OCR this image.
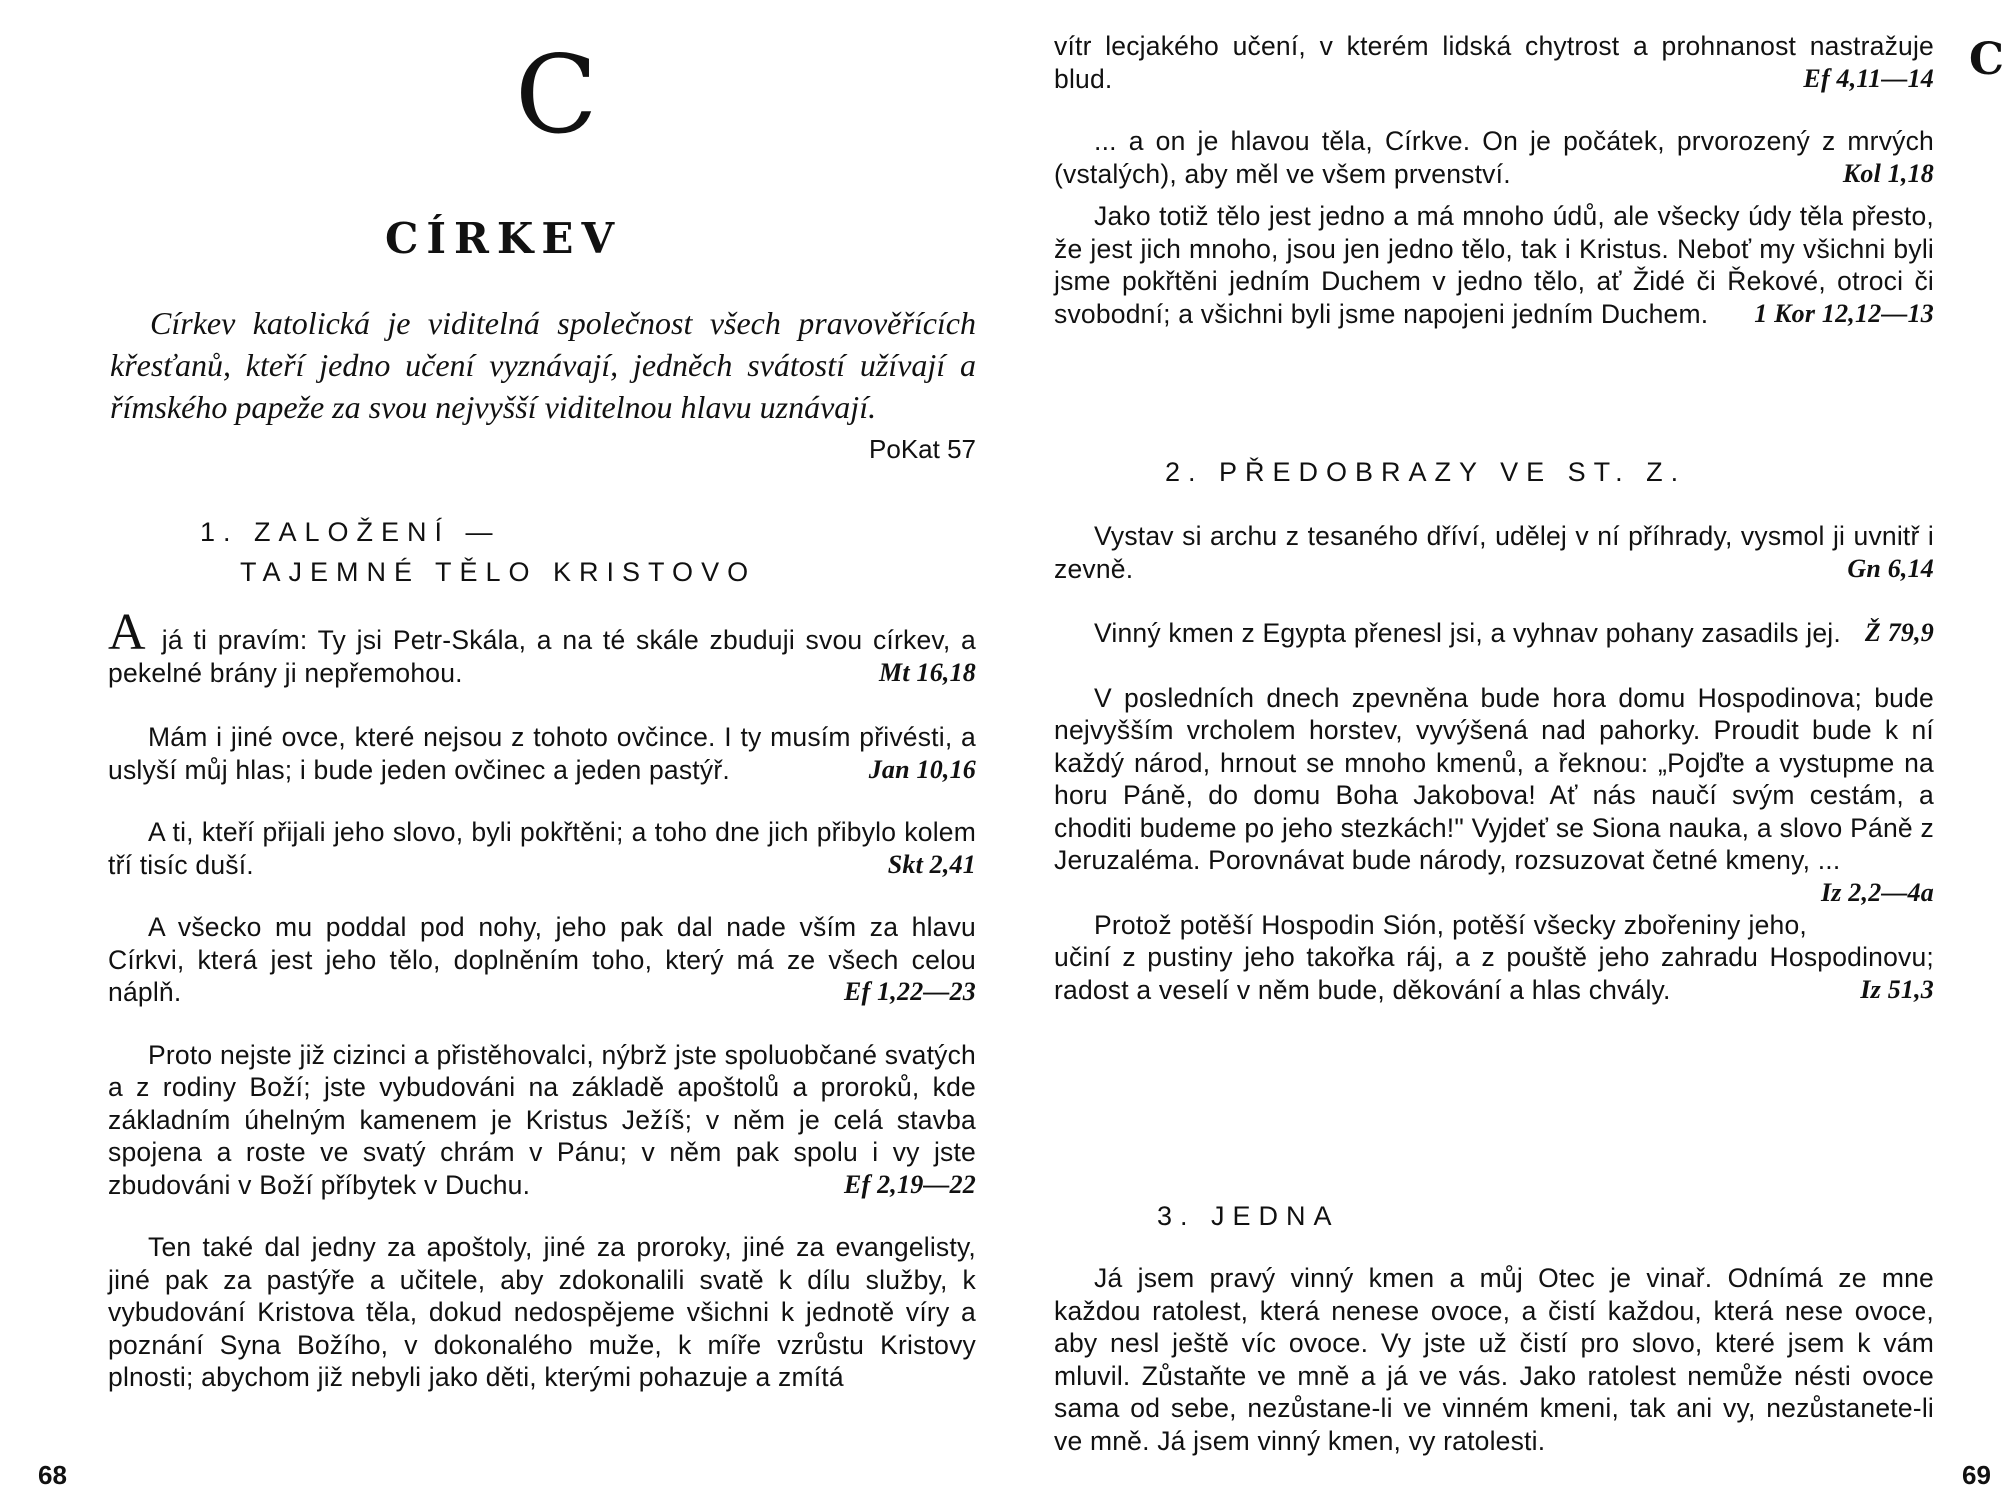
C
CÍRKEV
Církev katolická je viditelná společnost všech pravověřících křesťanů, kteří jedno učení vyznávají, jedněch svátostí užívají a římského papeže za svou nejvyšší viditelnou hlavu uznávají.
PoKat 57
1. ZALOŽENÍ —
TAJEMNÉ TĚLO KRISTOVO

Ajá ti pravím: Ty jsi Petr-Skála, a na té skále zbuduji svou církev, a pekelné brány ji nepřemohou.	Mt 16,18

Mám i jiné ovce, které nejsou z tohoto ovčince. I ty musím přivésti, a uslyší můj hlas; i bude jeden ovčinec a jeden pastýř.	Jan 10,16

A ti, kteří přijali jeho slovo, byli pokřtěni; a toho dne jich přibylo kolem tří tisíc duší.	Skt 2,41

A všecko mu poddal pod nohy, jeho pak dal nade vším za hlavu Církvi, která jest jeho tělo, doplněním toho, který má ze všech celou náplň.	Ef 1,22—23

Proto nejste již cizinci a přistěhovalci, nýbrž jste spoluobčané svatých a z rodiny Boží; jste vybudováni na základě apoštolů a proroků, kde základním úhelným kamenem je Kristus Ježíš; v něm je celá stavba spojena a roste ve svatý chrám v Pánu; v něm pak spolu i vy jste zbudováni v Boží příbytek v Duchu.	Ef 2,19—22

Ten také dal jedny za apoštoly, jiné za proroky, jiné za evangelisty, jiné pak za pastýře a učitele, aby zdokonalili svatě k dílu služby, k vybudování Kristova těla, dokud nedospějeme všichni k jednotě víry a poznání Syna Božího, v dokonalého muže, k míře vzrůstu Kristovy plnosti; abychom již nebyli jako děti, kterými pohazuje a zmítá

68
C

vítr lecjakého učení, v kterém lidská chytrost a prohnanost nastražuje blud.	Ef 4,11—14

... a on je hlavou těla, Církve. On je počátek, prvorozený z mrvých (vstalých), aby měl ve všem prvenství.	Kol 1,18

Jako totiž tělo jest jedno a má mnoho údů, ale všecky údy těla přesto, že jest jich mnoho, jsou jen jedno tělo, tak i Kristus. Neboť my všichni byli jsme pokřtěni jedním Duchem v jedno tělo, ať Židé či Řekové, otroci či svobodní; a všichni byli jsme napojeni jedním Duchem. 1 Kor 12,12—13

2. PŘEDOBRAZY VE ST. Z.

Vystav si archu z tesaného dříví, udělej v ní příhrady, vysmol ji uvnitř i zevně.	Gn 6,14

Vinný kmen z Egypta přenesl jsi, a vyhnav pohany zasadils jej. Ž 79,9

V posledních dnech zpevněna bude hora domu Hospodinova; bude nejvyšším vrcholem horstev, vyvýšená nad pahorky. Proudit bude k ní každý národ, hrnout se mnoho kmenů, a řeknou: „Pojďte a vystupme na horu Páně, do domu Boha Jakobova! Ať nás naučí svým cestám, a choditi budeme po jeho stezkách!" Vyjdeť se Siona nauka, a slovo Páně z Jeruzaléma. Porovnávat bude národy, rozsuzovat četné kmeny, ...
Iz 2,2—4a

Protož potěší Hospodin Sión, potěší všecky zbořeniny jeho, učiní z pustiny jeho takořka ráj, a z pouště jeho zahradu Hospodinovu; radost a veselí v něm bude, děkování a hlas chvály.	Iz 51,3

3. JEDNA

Já jsem pravý vinný kmen a můj Otec je vinař. Odnímá ze mne každou ratolest, která nenese ovoce, a čistí každou, která nese ovoce, aby nesl ještě víc ovoce. Vy jste už čistí pro slovo, které jsem k vám mluvil. Zůstaňte ve mně a já ve vás. Jako ratolest nemůže nésti ovoce sama od sebe, nezůstane-li ve vinném kmeni, tak ani vy, nezůstanete-li ve mně. Já jsem vinný kmen, vy ratolesti.

69
